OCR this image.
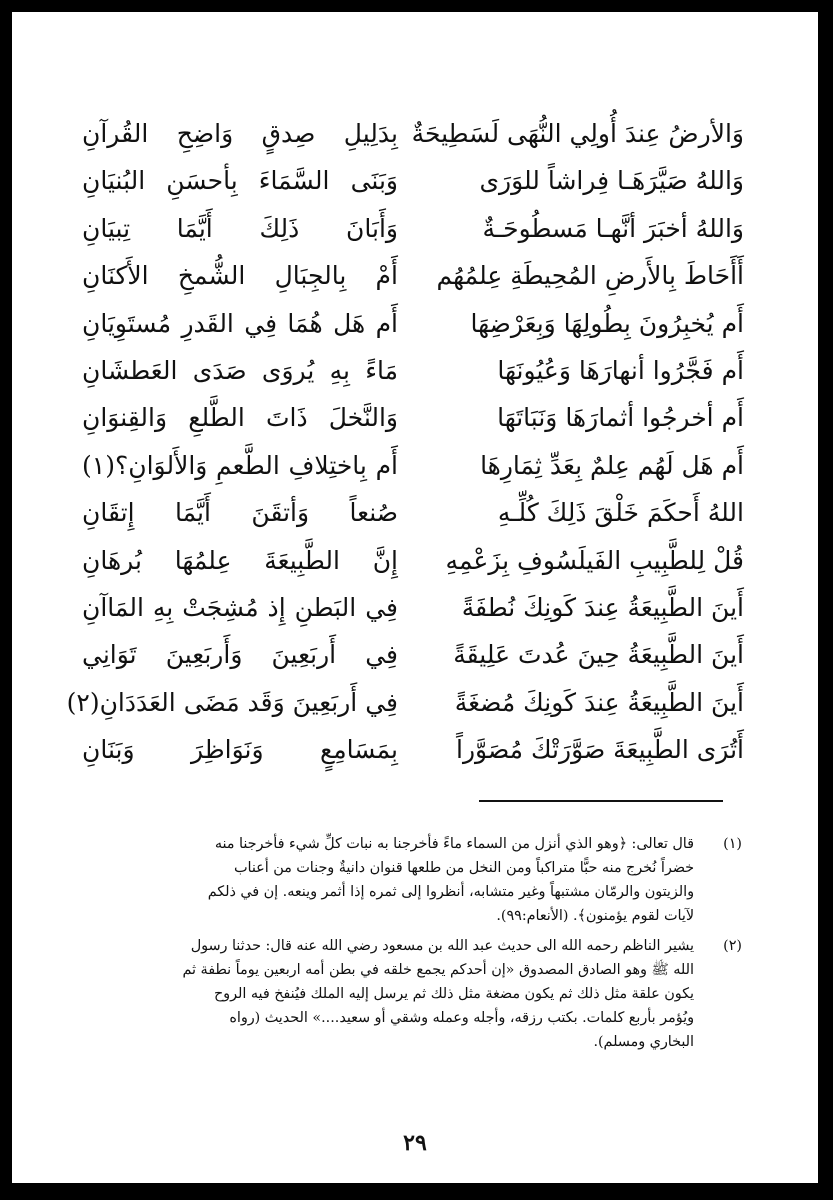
وَالأرضُ عِندَ أُولِي النُّهَى لَسَطِيحَةٌ
وَاللهُ صَيَّرَهَـا فِراشاً للوَرَى
وَاللهُ أخبَرَ أنَّهـا مَسطُوحَـةٌ
أَأَحَاطَ بِالأَرضِ المُحِيطَةِ عِلمُهُم
أَم يُخبِرُونَ بِطُولِهَا وَبِعَرْضِهَا
أَم فَجَّرُوا أنهارَهَا وَعُيُونَهَا
أَم أخرجُوا أثمارَهَا وَنَبَاتَهَا
أَم هَل لَهُم عِلمٌ بِعَدِّ ثِمَارِهَا
اللهُ أَحكَمَ خَلْقَ ذَلِكَ كُلِّـهِ
قُلْ لِلطَّبِيبِ الفَيلَسُوفِ بِزَعْمِهِ
أَينَ الطَّبِيعَةُ عِندَ كَونِكَ نُطفَةً
أَينَ الطَّبِيعَةُ حِينَ عُدتَ عَلِيقَةً
أَينَ الطَّبِيعَةُ عِندَ كَونِكَ مُضغَةً
أَتُرَى الطَّبِيعَةَ صَوَّرَتْكَ مُصَوَّراً
بِدَلِيلِ صِدقٍ وَاضِحِ القُرآنِ
وَبَنَى السَّمَاءَ بِأحسَنِ البُنيَانِ
وَأَبَانَ ذَلِكَ أَيَّمَا تِبيَانِ
أَمْ بِالجِبَالِ الشُّمخِ الأَكنَانِ
أَم هَل هُمَا فِي القَدرِ مُستَوِيَانِ
مَاءً بِهِ يُروَى صَدَى العَطشَانِ
وَالنَّخلَ ذَاتَ الطَّلعِ وَالقِنوَانِ
أَم بِاختِلافِ الطَّعمِ وَالأَلوَانِ؟(١)
صُنعاً وَأتقَنَ أَيَّمَا إِتقَانِ
إِنَّ الطَّبِيعَةَ عِلمُهَا بُرهَانِ
فِي البَطنِ إِذ مُشِجَتْ بِهِ المَاآنِ
فِي أَربَعِينَ وَأَربَعِينَ تَوَانِي
فِي أَربَعِينَ وَقَد مَضَى العَدَدَانِ(٢)
بِمَسَامِعٍ وَنَوَاظِرَ وَبَنَانِ
(١)

قال تعالى: ﴿وهو الذي أنزل من السماء ماءً فأخرجنا به نبات كلِّ شيء فأخرجنا منه

خضراً نُخرج منه حبًّا متراكباً ومن النخل من طلعها قنوان دانيةٌ وجنات من أعناب

والزيتون والرمّان مشتبهاً وغير متشابه، أنظروا إلى ثمره إذا أثمر وينعه. إن في ذلكم

لآيات لقوم يؤمنون﴾. (الأنعام:٩٩).

(٢)

يشير الناظم رحمه الله الى حديث عبد الله بن مسعود رضي الله عنه قال: حدثنا رسول

الله ﷺ وهو الصادق المصدوق «إن أحدكم يجمع خلقه في بطن أمه اربعين يوماً نطفة ثم

يكون علقة مثل ذلك ثم يكون مضغة مثل ذلك ثم يرسل إليه الملك فيُنفخ فيه الروح

ويُؤمر بأربع كلمات. بكتب رزقه، وأجله وعمله وشقي أو سعيد....» الحديث (رواه

البخاري ومسلم).

٢٩
